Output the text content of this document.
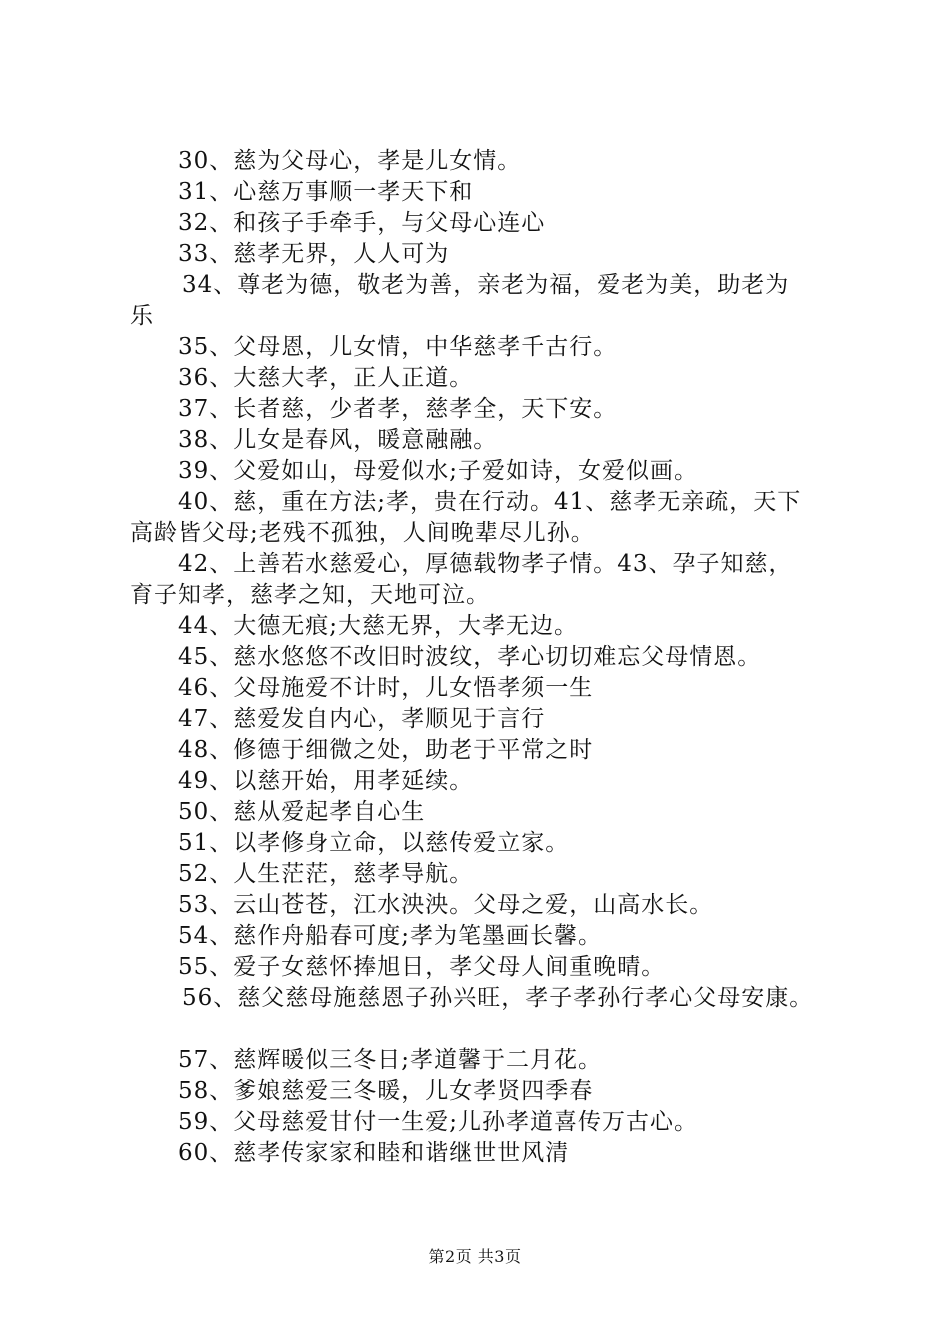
30、慈为父母心，孝是儿女情。
31、心慈万事顺一孝天下和
32、和孩子手牵手，与父母心连心
33、慈孝无界，人人可为
34、尊老为德，敬老为善，亲老为福，爱老为美，助老为
乐
35、父母恩，儿女情，中华慈孝千古行。
36、大慈大孝，正人正道。
37、长者慈，少者孝，慈孝全，天下安。
38、儿女是春风，暖意融融。
39、父爱如山，母爱似水;子爱如诗，女爱似画。
40、慈，重在方法;孝，贵在行动。41、慈孝无亲疏，天下
高龄皆父母;老残不孤独，人间晚辈尽儿孙。
42、上善若水慈爱心，厚德载物孝子情。43、孕子知慈，
育子知孝，慈孝之知，天地可泣。
44、大德无痕;大慈无界，大孝无边。
45、慈水悠悠不改旧时波纹，孝心切切难忘父母情恩。
46、父母施爱不计时，儿女悟孝须一生
47、慈爱发自内心，孝顺见于言行
48、修德于细微之处，助老于平常之时
49、以慈开始，用孝延续。
50、慈从爱起孝自心生
51、以孝修身立命，以慈传爱立家。
52、人生茫茫，慈孝导航。
53、云山苍苍，江水泱泱。父母之爱，山高水长。
54、慈作舟船春可度;孝为笔墨画长馨。
55、爱子女慈怀捧旭日，孝父母人间重晚晴。
56、慈父慈母施慈恩子孙兴旺，孝子孝孙行孝心父母安康。
57、慈辉暖似三冬日;孝道馨于二月花。
58、爹娘慈爱三冬暖，儿女孝贤四季春
59、父母慈爱甘付一生爱;儿孙孝道喜传万古心。
60、慈孝传家家和睦和谐继世世风清
第2页 共3页
